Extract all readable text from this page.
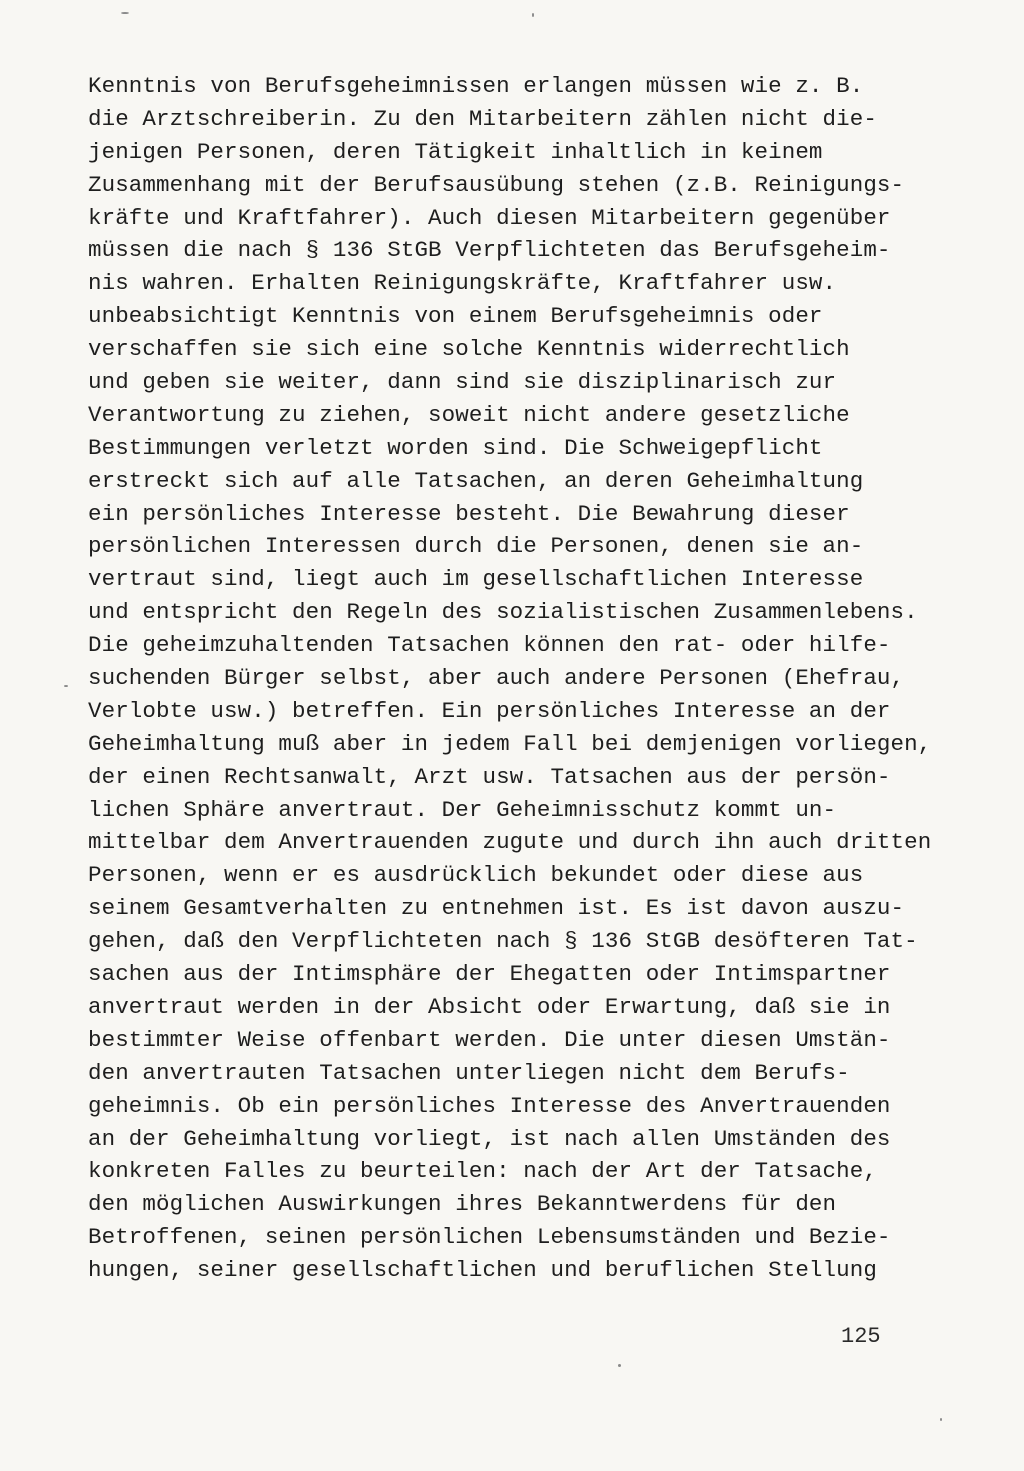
Kenntnis von Berufsgeheimnissen erlangen müssen wie z. B.
die Arztschreiberin. Zu den Mitarbeitern zählen nicht die-
jenigen Personen, deren Tätigkeit inhaltlich in keinem
Zusammenhang mit der Berufsausübung stehen (z.B. Reinigungs-
kräfte und Kraftfahrer). Auch diesen Mitarbeitern gegenüber
müssen die nach § 136 StGB Verpflichteten das Berufsgeheim-
nis wahren. Erhalten Reinigungskräfte, Kraftfahrer usw.
unbeabsichtigt Kenntnis von einem Berufsgeheimnis oder
verschaffen sie sich eine solche Kenntnis widerrechtlich
und geben sie weiter, dann sind sie disziplinarisch zur
Verantwortung zu ziehen, soweit nicht andere gesetzliche
Bestimmungen verletzt worden sind. Die Schweigepflicht
erstreckt sich auf alle Tatsachen, an deren Geheimhaltung
ein persönliches Interesse besteht. Die Bewahrung dieser
persönlichen Interessen durch die Personen, denen sie an-
vertraut sind, liegt auch im gesellschaftlichen Interesse
und entspricht den Regeln des sozialistischen Zusammenlebens.
Die geheimzuhaltenden Tatsachen können den rat- oder hilfe-
suchenden Bürger selbst, aber auch andere Personen (Ehefrau,
Verlobte usw.) betreffen. Ein persönliches Interesse an der
Geheimhaltung muß aber in jedem Fall bei demjenigen vorliegen,
der einen Rechtsanwalt, Arzt usw. Tatsachen aus der persön-
lichen Sphäre anvertraut. Der Geheimnisschutz kommt un-
mittelbar dem Anvertrauenden zugute und durch ihn auch dritten
Personen, wenn er es ausdrücklich bekundet oder diese aus
seinem Gesamtverhalten zu entnehmen ist. Es ist davon auszu-
gehen, daß den Verpflichteten nach § 136 StGB desöfteren Tat-
sachen aus der Intimsphäre der Ehegatten oder Intimspartner
anvertraut werden in der Absicht oder Erwartung, daß sie in
bestimmter Weise offenbart werden. Die unter diesen Umstän-
den anvertrauten Tatsachen unterliegen nicht dem Berufs-
geheimnis. Ob ein persönliches Interesse des Anvertrauenden
an der Geheimhaltung vorliegt, ist nach allen Umständen des
konkreten Falles zu beurteilen: nach der Art der Tatsache,
den möglichen Auswirkungen ihres Bekanntwerdens für den
Betroffenen, seinen persönlichen Lebensumständen und Bezie-
hungen, seiner gesellschaftlichen und beruflichen Stellung
125
